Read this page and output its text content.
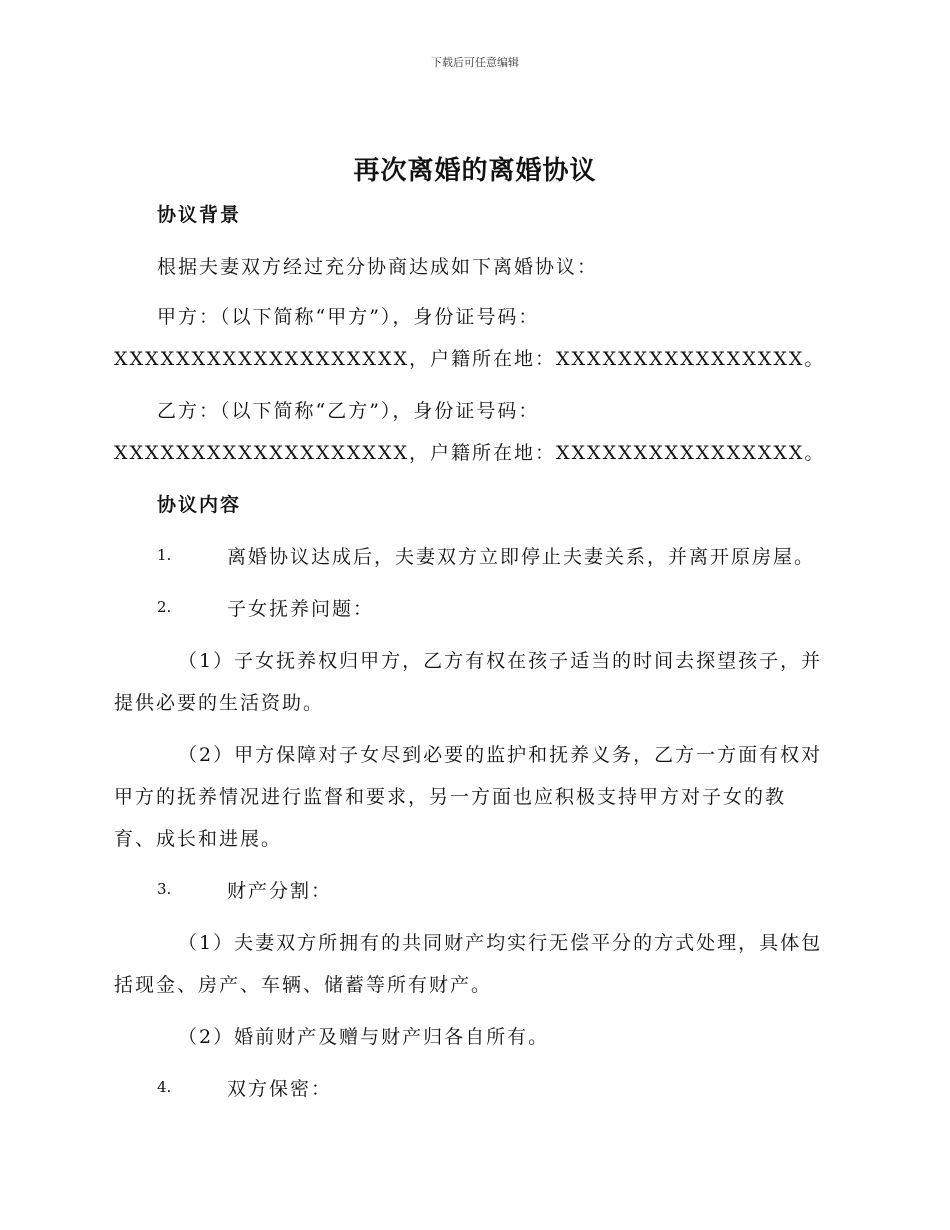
下载后可任意编辑
再次离婚的离婚协议
协议背景
根据夫妻双方经过充分协商达成如下离婚协议：
甲方：（以下简称“甲方”），身份证号码：
XXXXXXXXXXXXXXXXXXX，户籍所在地：XXXXXXXXXXXXXXXX。
乙方：（以下简称“乙方”），身份证号码：
XXXXXXXXXXXXXXXXXXX，户籍所在地：XXXXXXXXXXXXXXXX。
协议内容
1.	离婚协议达成后，夫妻双方立即停止夫妻关系，并离开原房屋。
2.	子女抚养问题：
（1）子女抚养权归甲方，乙方有权在孩子适当的时间去探望孩子，并
提供必要的生活资助。
（2）甲方保障对子女尽到必要的监护和抚养义务，乙方一方面有权对
甲方的抚养情况进行监督和要求，另一方面也应积极支持甲方对子女的教
育、成长和进展。
3.	财产分割：
（1）夫妻双方所拥有的共同财产均实行无偿平分的方式处理，具体包
括现金、房产、车辆、储蓄等所有财产。
（2）婚前财产及赠与财产归各自所有。
4.	双方保密：
